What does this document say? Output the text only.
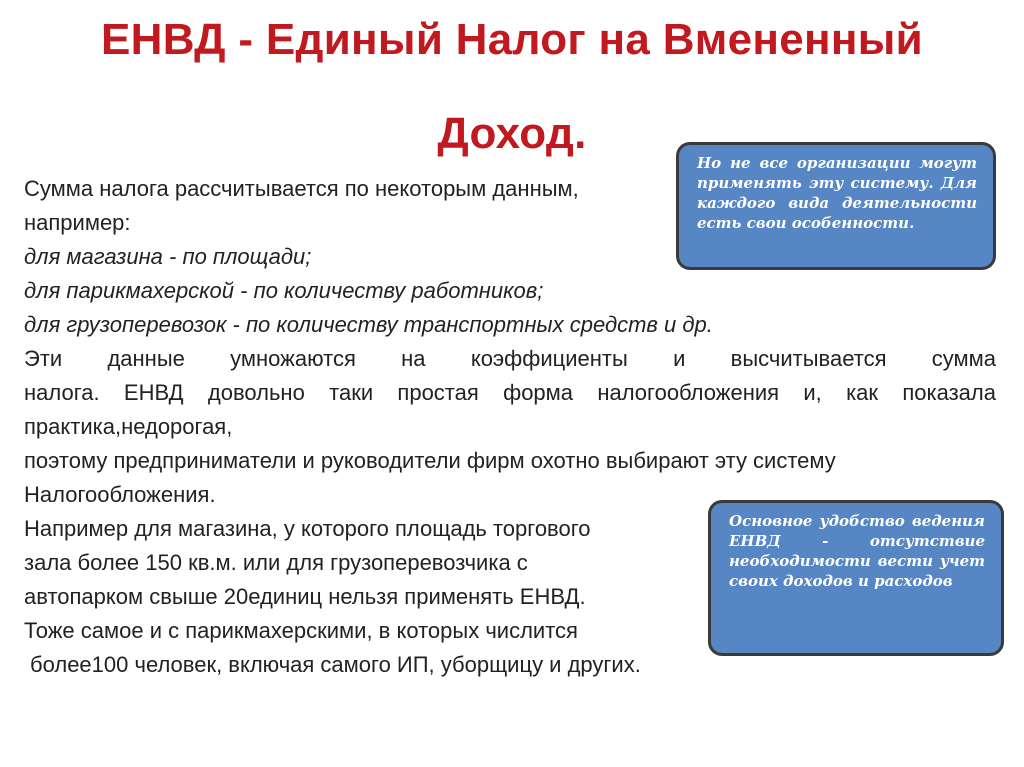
ЕНВД - Единый Налог на Вмененный
Доход.

Сумма налога рассчитывается по некоторым данным,

например:

для магазина - по площади;

для парикмахерской - по количеству работников;

для грузоперевозок - по количеству транспортных средств и др.

Эти данные умножаются на коэффициенты и высчитывается сумма

налога. ЕНВД довольно таки простая форма налогообложения и, как показала

практика,недорогая,

поэтому предприниматели и руководители фирм охотно выбирают эту систему

Налогообложения.

Например для магазина, у которого площадь торгового

зала более 150 кв.м. или для грузоперевозчика с

автопарком свыше 20единиц нельзя применять ЕНВД.

Тоже самое и с парикмахерскими, в которых числится

более100 человек, включая самого ИП, уборщицу и других.

Но не все организации могут применять эту систему. Для каждого вида деятельности есть свои особенности.
Основное удобство ведения ЕНВД - отсутствие необходимости вести учет своих доходов и расходов
